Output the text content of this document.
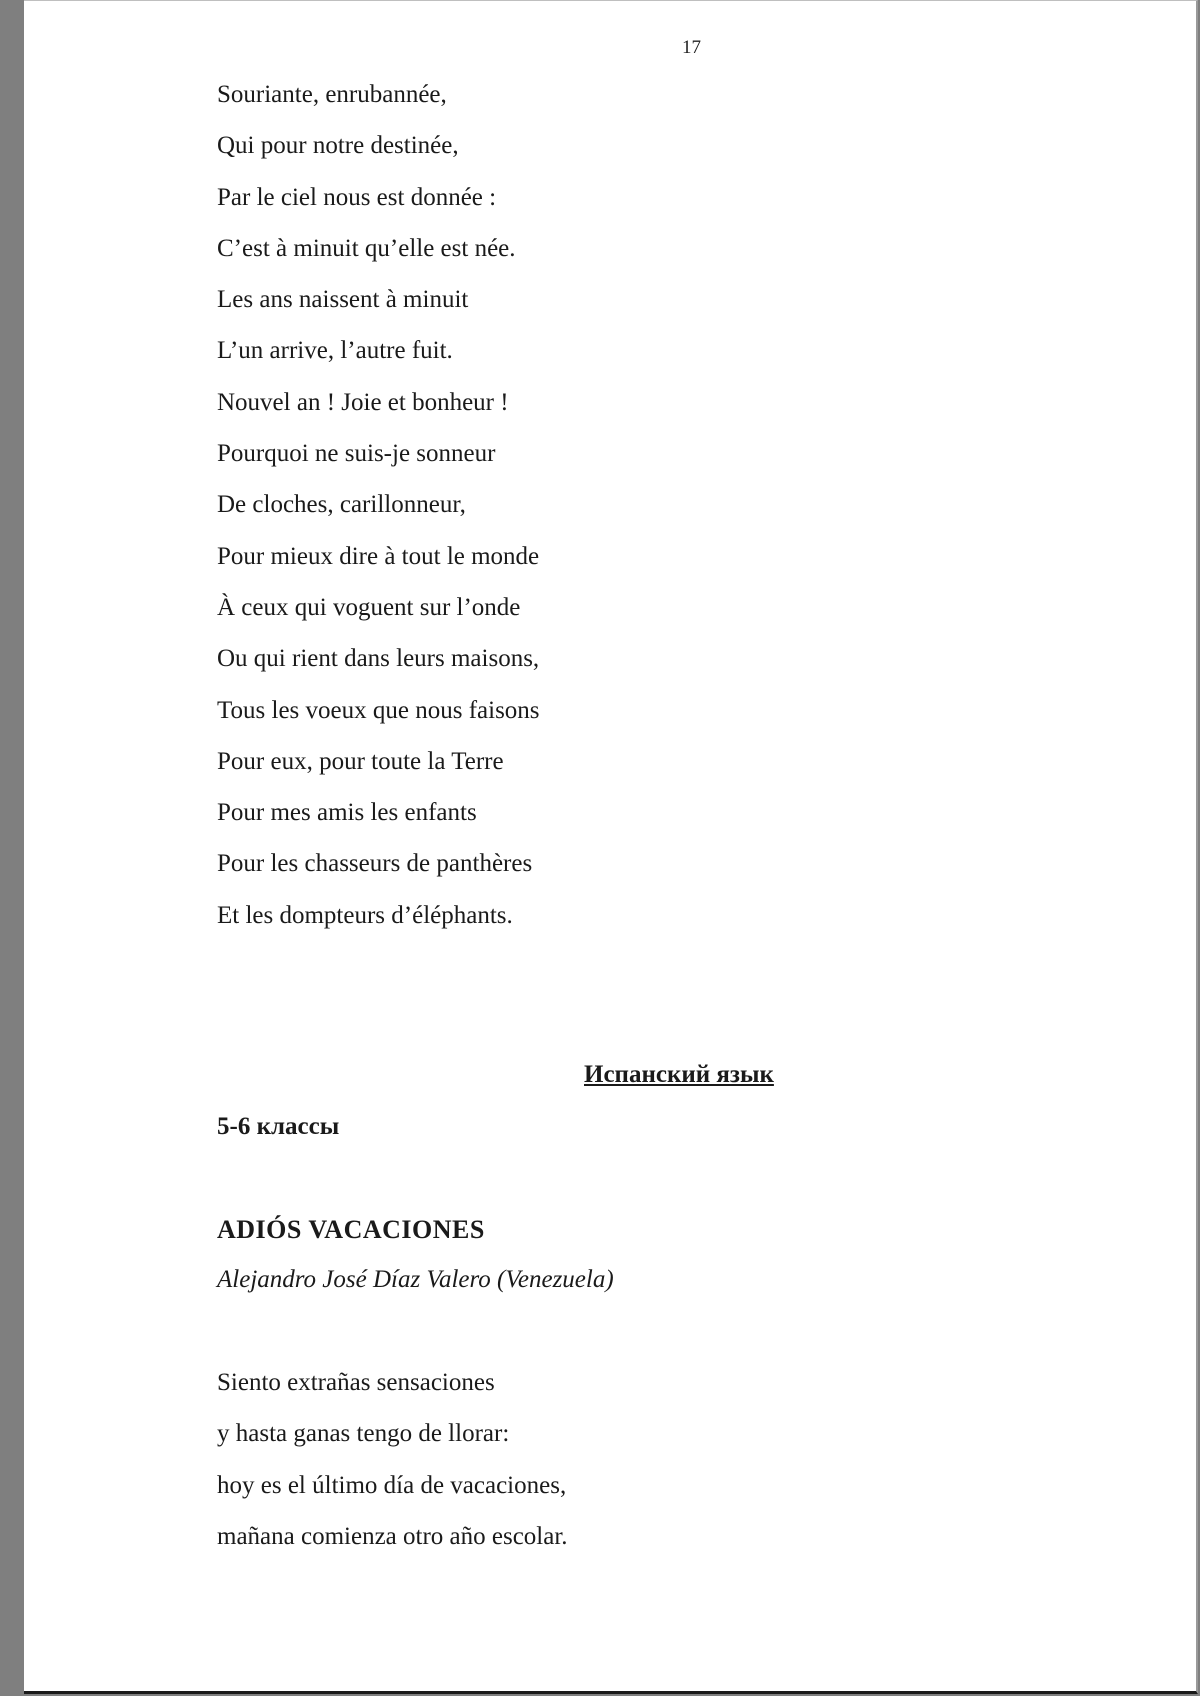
17
Souriante, enrubannée,
Qui pour notre destinée,
Par le ciel nous est donnée :
C’est à minuit qu’elle est née.
Les ans naissent à minuit
L’un arrive, l’autre fuit.
Nouvel an ! Joie et bonheur !
Pourquoi ne suis-je sonneur
De cloches, carillonneur,
Pour mieux dire à tout le monde
À ceux qui voguent sur l’onde
Ou qui rient dans leurs maisons,
Tous les voeux que nous faisons
Pour eux, pour toute la Terre
Pour mes amis les enfants
Pour les chasseurs de panthères
Et les dompteurs d’éléphants.
Испанский язык
5-6 классы
ADIÓS VACACIONES
Alejandro José Díaz Valero (Venezuela)
Siento extrañas sensaciones
y hasta ganas tengo de llorar:
hoy es el último día de vacaciones,
mañana comienza otro año escolar.
